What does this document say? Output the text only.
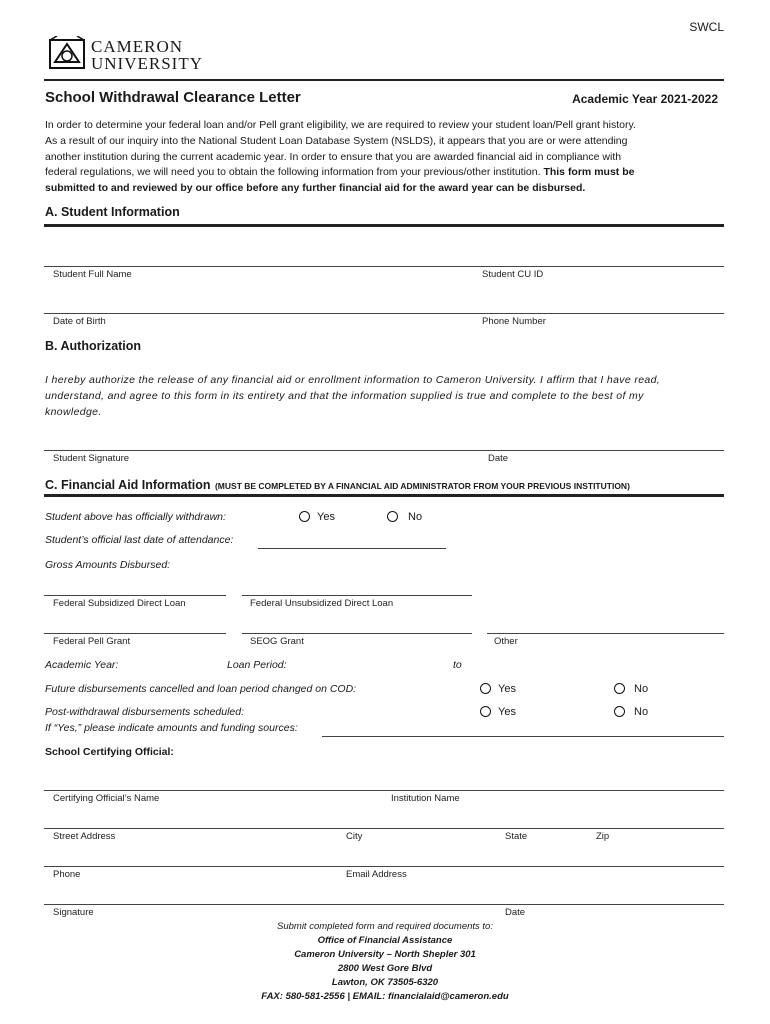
SWCL
CAMERON
UNIVERSITY
School Withdrawal Clearance Letter	Academic Year 2021-2022
In order to determine your federal loan and/or Pell grant eligibility, we are required to review your student loan/Pell grant history.
As a result of our inquiry into the National Student Loan Database System (NSLDS), it appears that you are or were attending
another institution during the current academic year. In order to ensure that you are awarded financial aid in compliance with
federal regulations, we will need you to obtain the following information from your previous/other institution. This form must be
submitted to and reviewed by our office before any further financial aid for the award year can be disbursed.
A. Student Information
Student Full Name	Student CU ID
Date of Birth	Phone Number
B. Authorization
I hereby authorize the release of any financial aid or enrollment information to Cameron University. I affirm that I have read,
understand, and agree to this form in its entirety and that the information supplied is true and complete to the best of my
knowledge.
Student Signature	Date
C. Financial Aid Information (MUST BE COMPLETED BY A FINANCIAL AID ADMINISTRATOR FROM YOUR PREVIOUS INSTITUTION)
Student above has officially withdrawn:	Yes	No
Student’s official last date of attendance:
Gross Amounts Disbursed:
Federal Subsidized Direct Loan	Federal Unsubsidized Direct Loan
Federal Pell Grant	SEOG Grant	Other
Academic Year:	Loan Period:	to
Future disbursements cancelled and loan period changed on COD:	Yes	No
Post-withdrawal disbursements scheduled:	Yes	No
If “Yes,” please indicate amounts and funding sources:
School Certifying Official:
Certifying Official’s Name	Institution Name
Street Address	City	State	Zip
Phone	Email Address
Signature	Date
Submit completed form and required documents to:
Office of Financial Assistance
Cameron University – North Shepler 301
2800 West Gore Blvd
Lawton, OK 73505-6320
FAX: 580-581-2556 | EMAIL: financialaid@cameron.edu
